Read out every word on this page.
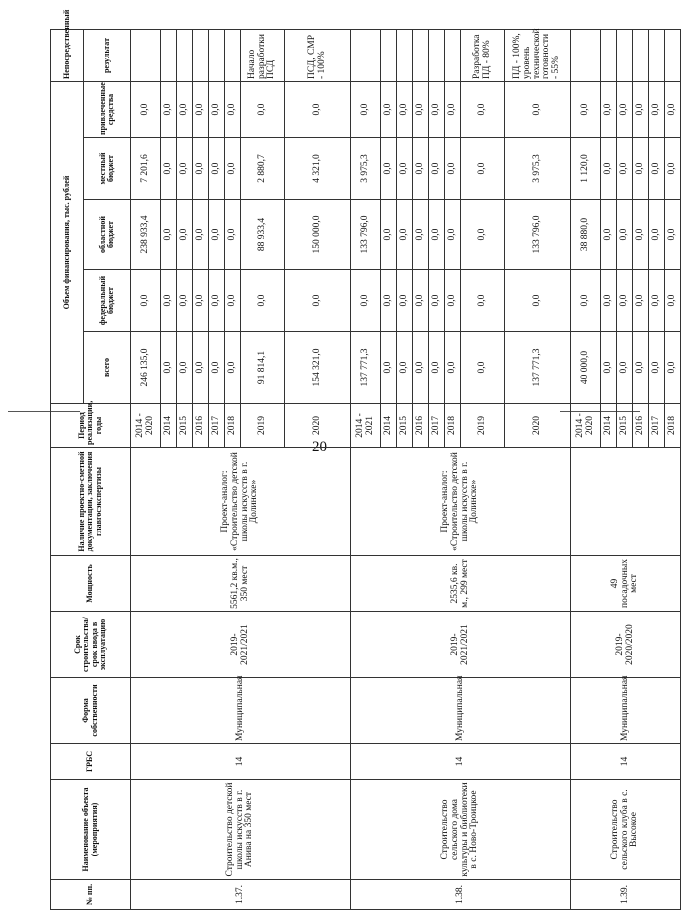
20
№ пп.	Наименование объекта (мероприятия)	ГРБС	Форма собственности	Срок строительства/срок ввода в эксплуатацию	Мощность	Наличие проектно-сметной документации, заключения главгосэкспертизы	Период реализации, годы	Объем финансирования, тыс. рублей					Непосредственный
								всего	федеральный бюджет	областной бюджет	местный бюджет	привлеченные средства	результат
1.37.	Строительство детской школы искусств в г. Анива на 350 мест	14	Муниципальная	2019-2021/2021	5561,2 кв.м., 350 мест	Проект-аналог: «Строительство детской школы искусств в г. Долинске»	2014 - 2020	246 135,0	0,0	238 933,4	7 201,6	0,0	
							2014	0,0	0,0	0,0	0,0	0,0	
							2015	0,0	0,0	0,0	0,0	0,0	
							2016	0,0	0,0	0,0	0,0	0,0	
							2017	0,0	0,0	0,0	0,0	0,0	
							2018	0,0	0,0	0,0	0,0	0,0	
							2019	91 814,1	0,0	88 933,4	2 880,7	0,0	Начало разработки ПСД
							2020	154 321,0	0,0	150 000,0	4 321,0	0,0	ПСД, СМР - 100%
1.38.	Строительство сельского дома культуры и библиотеки в с. Ново-Троицкое	14	Муниципальная	2019-2021/2021	2535,6 кв. м., 299 мест	Проект-аналог: «Строительство детской школы искусств в г. Долинске»	2014 - 2021	137 771,3	0,0	133 796,0	3 975,3	0,0	
							2014	0,0	0,0	0,0	0,0	0,0	
							2015	0,0	0,0	0,0	0,0	0,0	
							2016	0,0	0,0	0,0	0,0	0,0	
							2017	0,0	0,0	0,0	0,0	0,0	
							2018	0,0	0,0	0,0	0,0	0,0	
							2019	0,0	0,0	0,0	0,0	0,0	Разработка ПД - 80%
							2020	137 771,3	0,0	133 796,0	3 975,3	0,0	ПД - 100%, уровень технической готовности - 55%
1.39.	Строительство сельского клуба в с. Высокое	14	Муниципальная	2019-2020/2020	49 посадочных мест		2014 - 2020	40 000,0	0,0	38 880,0	1 120,0	0,0	
							2014	0,0	0,0	0,0	0,0	0,0	
							2015	0,0	0,0	0,0	0,0	0,0	
							2016	0,0	0,0	0,0	0,0	0,0	
							2017	0,0	0,0	0,0	0,0	0,0	
							2018	0,0	0,0	0,0	0,0	0,0	
